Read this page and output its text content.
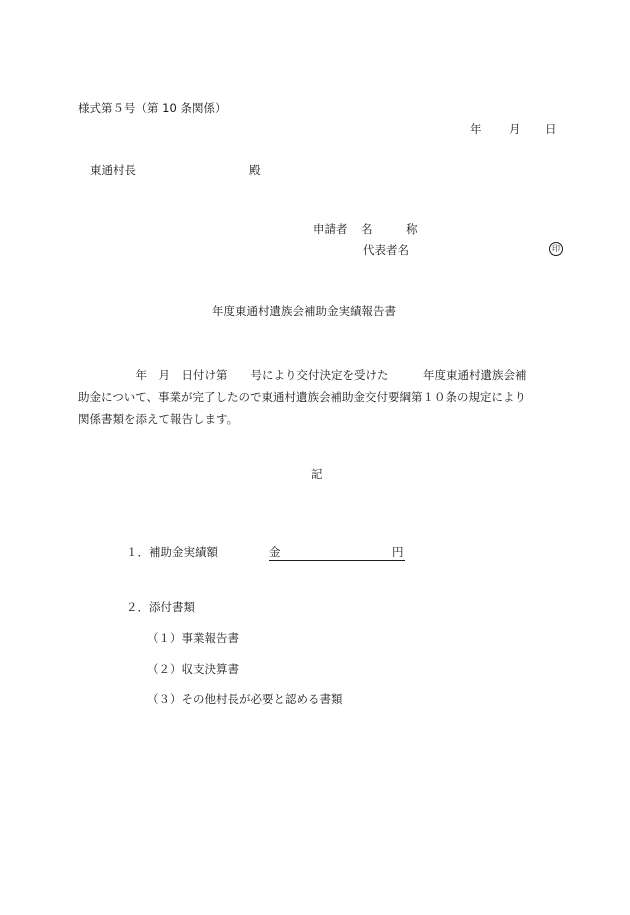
様式第５号（第 10 条関係）
年 月 日
東通村長	殿
申請者 名	称
代表者名	印
年度東通村遺族会補助金実績報告書
　　　　　年　月　日付け第　　号により交付決定を受けた　　　年度東通村遺族会補
助金について、事業が完了したので東通村遺族会補助金交付要綱第１０条の規定により
関係書類を添えて報告します。
記
１．補助金実績額	金	円
２．添付書類
（１）事業報告書
（２）収支決算書
（３）その他村長が必要と認める書類
